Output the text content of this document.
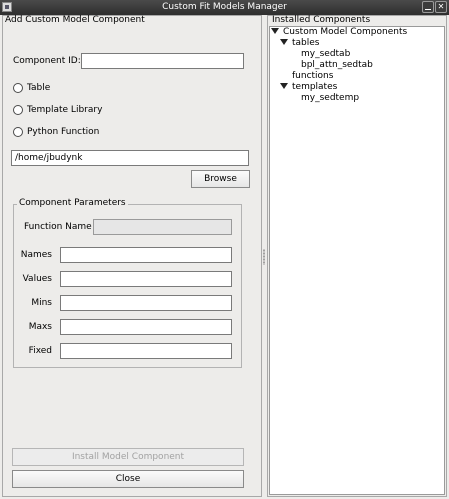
Custom Fit Models Manager	✕
Add Custom Model Component
Component ID:
Table
Template Library
Python Function
/home/jbudynk
Browse
Component Parameters
Function Name
Names
Values
Mins
Maxs
Fixed
Install Model Component
Close
Installed Components
Custom Model Components
tables
my_sedtab
bpl_attn_sedtab
functions
templates
my_sedtemp
